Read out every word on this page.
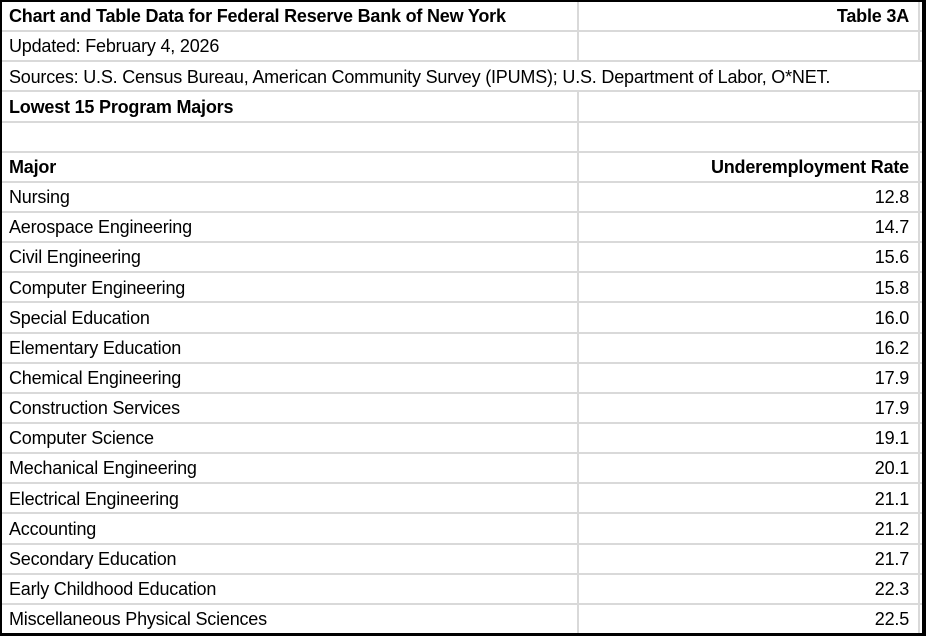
Chart and Table Data for Federal Reserve Bank of New York	Table 3A
Updated: February 4, 2026
Sources: U.S. Census Bureau, American Community Survey (IPUMS); U.S. Department of Labor, O*NET.
Lowest 15 Program Majors
Major	Underemployment Rate
Nursing	12.8
Aerospace Engineering	14.7
Civil Engineering	15.6
Computer Engineering	15.8
Special Education	16.0
Elementary Education	16.2
Chemical Engineering	17.9
Construction Services	17.9
Computer Science	19.1
Mechanical Engineering	20.1
Electrical Engineering	21.1
Accounting	21.2
Secondary Education	21.7
Early Childhood Education	22.3
Miscellaneous Physical Sciences	22.5
